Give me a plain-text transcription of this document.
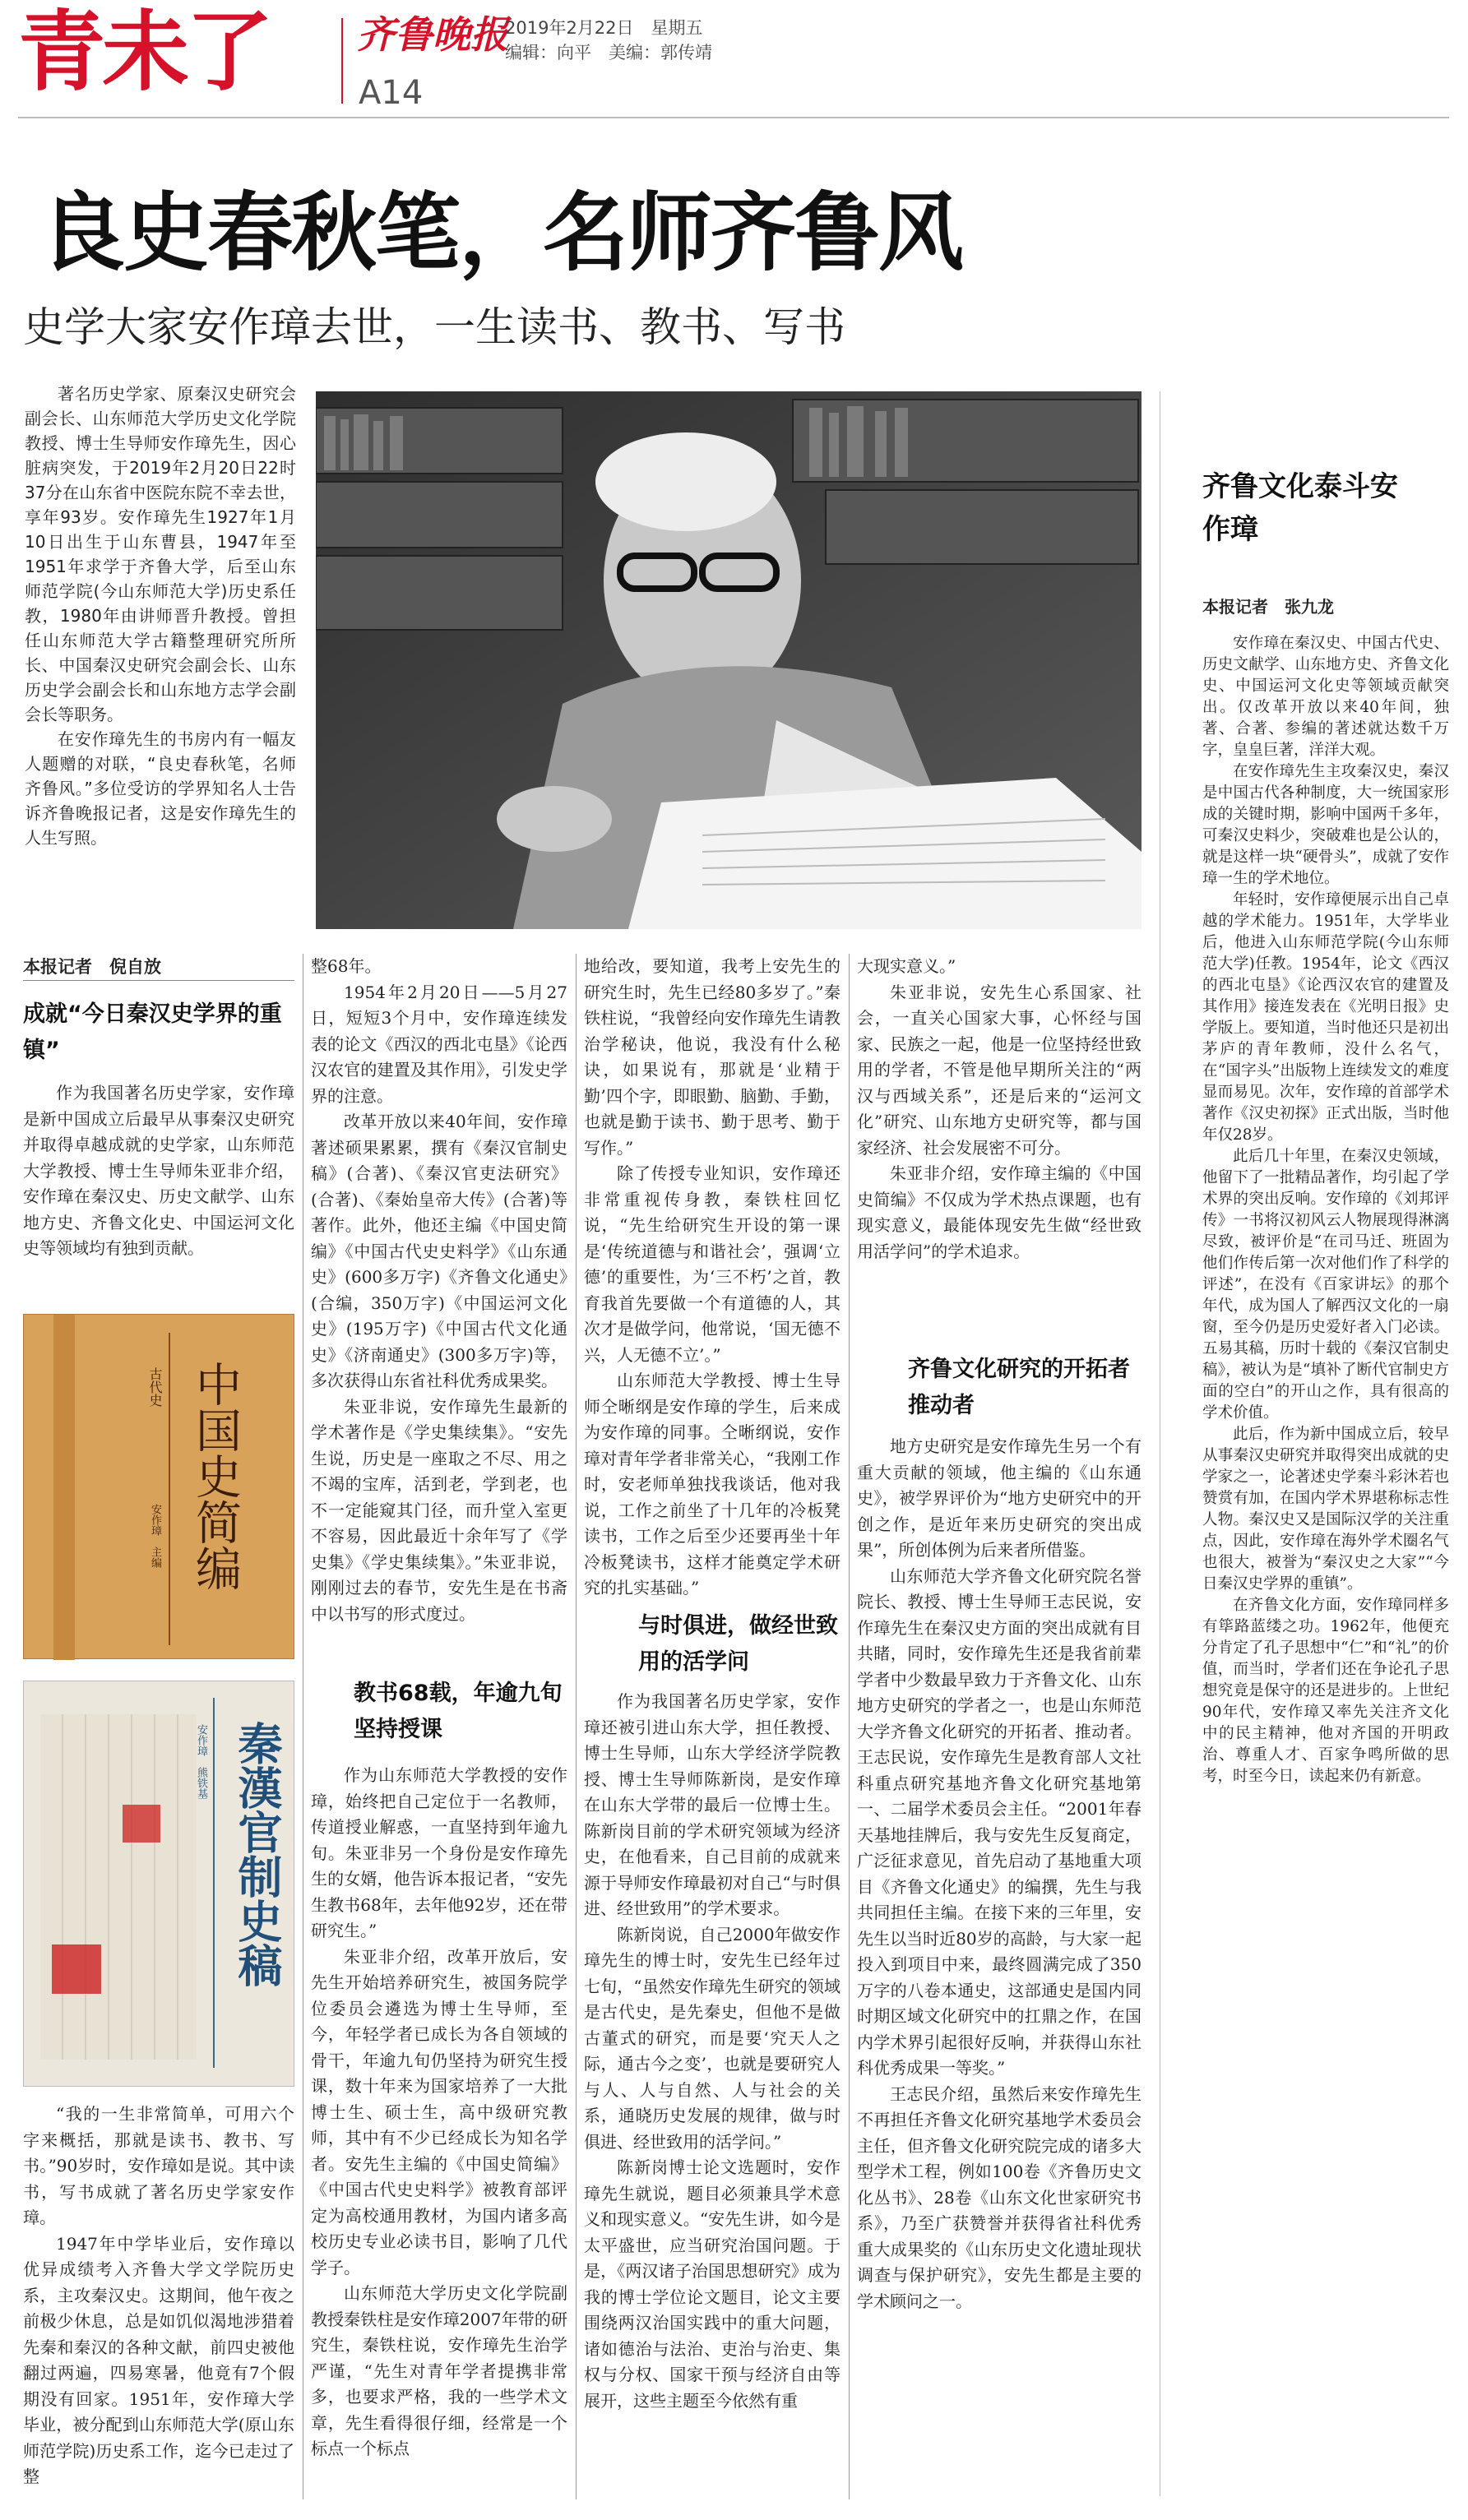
青未了 齐鲁晚报
2019年2月22日　星期五
编辑：向平　美编：郭传靖
A14
良史春秋笔，名师齐鲁风
史学大家安作璋去世，一生读书、教书、写书

著名历史学家、原秦汉史研究会副会长、山东师范大学历史文化学院教授、博士生导师安作璋先生，因心脏病突发，于2019年2月20日22时37分在山东省中医院东院不幸去世，享年93岁。安作璋先生1927年1月10日出生于山东曹县，1947年至1951年求学于齐鲁大学，后至山东师范学院(今山东师范大学)历史系任教，1980年由讲师晋升教授。曾担任山东师范大学古籍整理研究所所长、中国秦汉史研究会副会长、山东历史学会副会长和山东地方志学会副会长等职务。

在安作璋先生的书房内有一幅友人题赠的对联，“良史春秋笔，名师齐鲁风。”多位受访的学界知名人士告诉齐鲁晚报记者，这是安作璋先生的人生写照。

齐鲁文化泰斗安作璋
本报记者　张九龙

安作璋在秦汉史、中国古代史、历史文献学、山东地方史、齐鲁文化史、中国运河文化史等领域贡献突出。仅改革开放以来40年间，独著、合著、参编的著述就达数千万字，皇皇巨著，洋洋大观。

在安作璋先生主攻秦汉史，秦汉是中国古代各种制度，大一统国家形成的关键时期，影响中国两千多年，可秦汉史料少，突破难也是公认的，就是这样一块“硬骨头”，成就了安作璋一生的学术地位。

年轻时，安作璋便展示出自己卓越的学术能力。1951年，大学毕业后，他进入山东师范学院(今山东师范大学)任教。1954年，论文《西汉的西北屯垦》《论西汉农官的建置及其作用》接连发表在《光明日报》史学版上。要知道，当时他还只是初出茅庐的青年教师，没什么名气，在“国字头”出版物上连续发文的难度显而易见。次年，安作璋的首部学术著作《汉史初探》正式出版，当时他年仅28岁。

此后几十年里，在秦汉史领域，他留下了一批精品著作，均引起了学术界的突出反响。安作璋的《刘邦评传》一书将汉初风云人物展现得淋漓尽致，被评价是“在司马迁、班固为他们作传后第一次对他们作了科学的评述”，在没有《百家讲坛》的那个年代，成为国人了解西汉文化的一扇窗，至今仍是历史爱好者入门必读。五易其稿，历时十载的《秦汉官制史稿》，被认为是“填补了断代官制史方面的空白”的开山之作，具有很高的学术价值。

此后，作为新中国成立后，较早从事秦汉史研究并取得突出成就的史学家之一，论著述史学秦斗彩沐若也赞赏有加，在国内学术界堪称标志性人物。秦汉史又是国际汉学的关注重点，因此，安作璋在海外学术圈名气也很大，被誉为“秦汉史之大家”“今日秦汉史学界的重镇”。

在齐鲁文化方面，安作璋同样多有筚路蓝缕之功。1962年，他便充分肯定了孔子思想中“仁”和“礼”的价值，而当时，学者们还在争论孔子思想究竟是保守的还是进步的。上世纪90年代，安作璋又率先关注齐文化中的民主精神，他对齐国的开明政治、尊重人才、百家争鸣所做的思考，时至今日，读起来仍有新意。

本报记者　倪自放
成就“今日秦汉史学界的重镇”

作为我国著名历史学家，安作璋是新中国成立后最早从事秦汉史研究并取得卓越成就的史学家，山东师范大学教授、博士生导师朱亚非介绍，安作璋在秦汉史、历史文献学、山东地方史、齐鲁文化史、中国运河文化史等领域均有独到贡献。

中国史简编
古代史
安作璋　主编
秦漢官制史稿
安作璋　熊铁基

“我的一生非常简单，可用六个字来概括，那就是读书、教书、写书。”90岁时，安作璋如是说。其中读书，写书成就了著名历史学家安作璋。

1947年中学毕业后，安作璋以优异成绩考入齐鲁大学文学院历史系，主攻秦汉史。这期间，他午夜之前极少休息，总是如饥似渴地涉猎着先秦和秦汉的各种文献，前四史被他翻过两遍，四易寒暑，他竟有7个假期没有回家。1951年，安作璋大学毕业，被分配到山东师范大学(原山东师范学院)历史系工作，迄今已走过了整

整68年。

1954年2月20日——5月27日，短短3个月中，安作璋连续发表的论文《西汉的西北屯垦》《论西汉农官的建置及其作用》，引发史学界的注意。

改革开放以来40年间，安作璋著述硕果累累，撰有《秦汉官制史稿》(合著)、《秦汉官吏法研究》(合著)、《秦始皇帝大传》(合著)等著作。此外，他还主编《中国史简编》《中国古代史史料学》《山东通史》(600多万字)《齐鲁文化通史》(合编，350万字)《中国运河文化史》(195万字)《中国古代文化通史》《济南通史》(300多万字)等，多次获得山东省社科优秀成果奖。

朱亚非说，安作璋先生最新的学术著作是《学史集续集》。“安先生说，历史是一座取之不尽、用之不竭的宝库，活到老，学到老，也不一定能窥其门径，而升堂入室更不容易，因此最近十余年写了《学史集》《学史集续集》。”朱亚非说，刚刚过去的春节，安先生是在书斋中以书写的形式度过。

教书68载，年逾九旬坚持授课

作为山东师范大学教授的安作璋，始终把自己定位于一名教师，传道授业解惑，一直坚持到年逾九旬。朱亚非另一个身份是安作璋先生的女婿，他告诉本报记者，“安先生教书68年，去年他92岁，还在带研究生。”

朱亚非介绍，改革开放后，安先生开始培养研究生，被国务院学位委员会遴选为博士生导师，至今，年轻学者已成长为各自领域的骨干，年逾九旬仍坚持为研究生授课，数十年来为国家培养了一大批博士生、硕士生，高中级研究教师，其中有不少已经成长为知名学者。安先生主编的《中国史简编》《中国古代史史料学》被教育部评定为高校通用教材，为国内诸多高校历史专业必读书目，影响了几代学子。

山东师范大学历史文化学院副教授秦铁柱是安作璋2007年带的研究生，秦铁柱说，安作璋先生治学严谨，“先生对青年学者提携非常多，也要求严格，我的一些学术文章，先生看得很仔细，经常是一个标点一个标点

地给改，要知道，我考上安先生的研究生时，先生已经80多岁了。”秦铁柱说，“我曾经向安作璋先生请教治学秘诀，他说，我没有什么秘诀，如果说有，那就是‘业精于勤’四个字，即眼勤、脑勤、手勤，也就是勤于读书、勤于思考、勤于写作。”

除了传授专业知识，安作璋还非常重视传身教，秦铁柱回忆说，“先生给研究生开设的第一课是‘传统道德与和谐社会’，强调‘立德’的重要性，为‘三不朽’之首，教育我首先要做一个有道德的人，其次才是做学问，他常说，‘国无德不兴，人无德不立’。”

山东师范大学教授、博士生导师仝晰纲是安作璋的学生，后来成为安作璋的同事。仝晰纲说，安作璋对青年学者非常关心，“我刚工作时，安老师单独找我谈话，他对我说，工作之前坐了十几年的冷板凳读书，工作之后至少还要再坐十年冷板凳读书，这样才能奠定学术研究的扎实基础。”

与时俱进，做经世致用的活学问

作为我国著名历史学家，安作璋还被引进山东大学，担任教授、博士生导师，山东大学经济学院教授、博士生导师陈新岗，是安作璋在山东大学带的最后一位博士生。陈新岗目前的学术研究领域为经济史，在他看来，自己目前的成就来源于导师安作璋最初对自己“与时俱进、经世致用”的学术要求。

陈新岗说，自己2000年做安作璋先生的博士时，安先生已经年过七旬，“虽然安作璋先生研究的领域是古代史，是先秦史，但他不是做古董式的研究，而是要‘究天人之际，通古今之变’，也就是要研究人与人、人与自然、人与社会的关系，通晓历史发展的规律，做与时俱进、经世致用的活学问。”

陈新岗博士论文选题时，安作璋先生就说，题目必须兼具学术意义和现实意义。“安先生讲，如今是太平盛世，应当研究治国问题。于是，《两汉诸子治国思想研究》成为我的博士学位论文题目，论文主要围绕两汉治国实践中的重大问题，诸如德治与法治、吏治与治吏、集权与分权、国家干预与经济自由等展开，这些主题至今依然有重

大现实意义。”

朱亚非说，安先生心系国家、社会，一直关心国家大事，心怀经与国家、民族之一起，他是一位坚持经世致用的学者，不管是他早期所关注的“两汉与西域关系”，还是后来的“运河文化”研究、山东地方史研究等，都与国家经济、社会发展密不可分。

朱亚非介绍，安作璋主编的《中国史简编》不仅成为学术热点课题，也有现实意义，最能体现安先生做“经世致用活学问”的学术追求。

齐鲁文化研究的开拓者推动者

地方史研究是安作璋先生另一个有重大贡献的领域，他主编的《山东通史》，被学界评价为“地方史研究中的开创之作，是近年来历史研究的突出成果”，所创体例为后来者所借鉴。

山东师范大学齐鲁文化研究院名誉院长、教授、博士生导师王志民说，安作璋先生在秦汉史方面的突出成就有目共睹，同时，安作璋先生还是我省前辈学者中少数最早致力于齐鲁文化、山东地方史研究的学者之一，也是山东师范大学齐鲁文化研究的开拓者、推动者。王志民说，安作璋先生是教育部人文社科重点研究基地齐鲁文化研究基地第一、二届学术委员会主任。“2001年春天基地挂牌后，我与安先生反复商定，广泛征求意见，首先启动了基地重大项目《齐鲁文化通史》的编撰，先生与我共同担任主编。在接下来的三年里，安先生以当时近80岁的高龄，与大家一起投入到项目中来，最终圆满完成了350万字的八卷本通史，这部通史是国内同时期区域文化研究中的扛鼎之作，在国内学术界引起很好反响，并获得山东社科优秀成果一等奖。”

王志民介绍，虽然后来安作璋先生不再担任齐鲁文化研究基地学术委员会主任，但齐鲁文化研究院完成的诸多大型学术工程，例如100卷《齐鲁历史文化丛书》、28卷《山东文化世家研究书系》，乃至广获赞誉并获得省社科优秀重大成果奖的《山东历史文化遗址现状调查与保护研究》，安先生都是主要的学术顾问之一。
